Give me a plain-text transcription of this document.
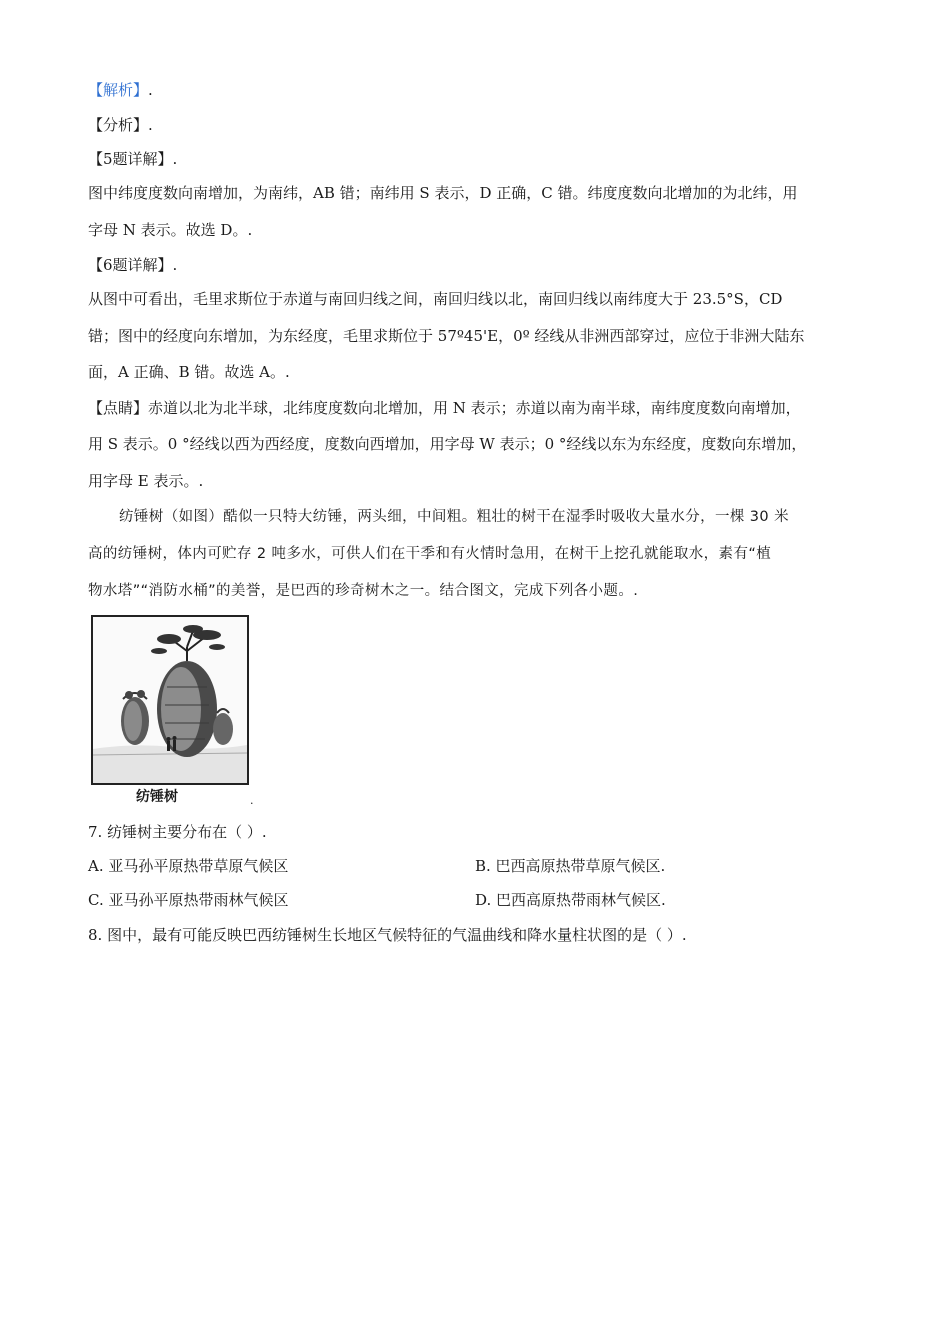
【解析】.
【分析】.
【5题详解】.
图中纬度度数向南增加，为南纬，AB 错；南纬用 S 表示，D 正确，C 错。纬度度数向北增加的为北纬，用
字母 N 表示。故选 D。.
【6题详解】.
从图中可看出，毛里求斯位于赤道与南回归线之间，南回归线以北，南回归线以南纬度大于 23.5°S，CD
错；图中的经度向东增加，为东经度，毛里求斯位于 57º45'E，0º 经线从非洲西部穿过，应位于非洲大陆东
面，A 正确、B 错。故选 A。.
【点睛】赤道以北为北半球，北纬度度数向北增加，用 N 表示；赤道以南为南半球，南纬度度数向南增加，
用 S 表示。0 °经线以西为西经度，度数向西增加，用字母 W 表示；0 °经线以东为东经度，度数向东增加，
用字母 E 表示。.
纺锤树（如图）酷似一只特大纺锤，两头细，中间粗。粗壮的树干在湿季时吸收大量水分，一棵 30 米
高的纺锤树，体内可贮存 2 吨多水，可供人们在干季和有火情时急用，在树干上挖孔就能取水，素有“植
物水塔”“消防水桶”的美誉，是巴西的珍奇树木之一。结合图文，完成下列各小题。.
纺锤树	.
7. 纺锤树主要分布在（ ）.
A. 亚马孙平原热带草原气候区	B. 巴西高原热带草原气候区.
C. 亚马孙平原热带雨林气候区	D. 巴西高原热带雨林气候区.
8. 图中，最有可能反映巴西纺锤树生长地区气候特征的气温曲线和降水量柱状图的是（ ）.
